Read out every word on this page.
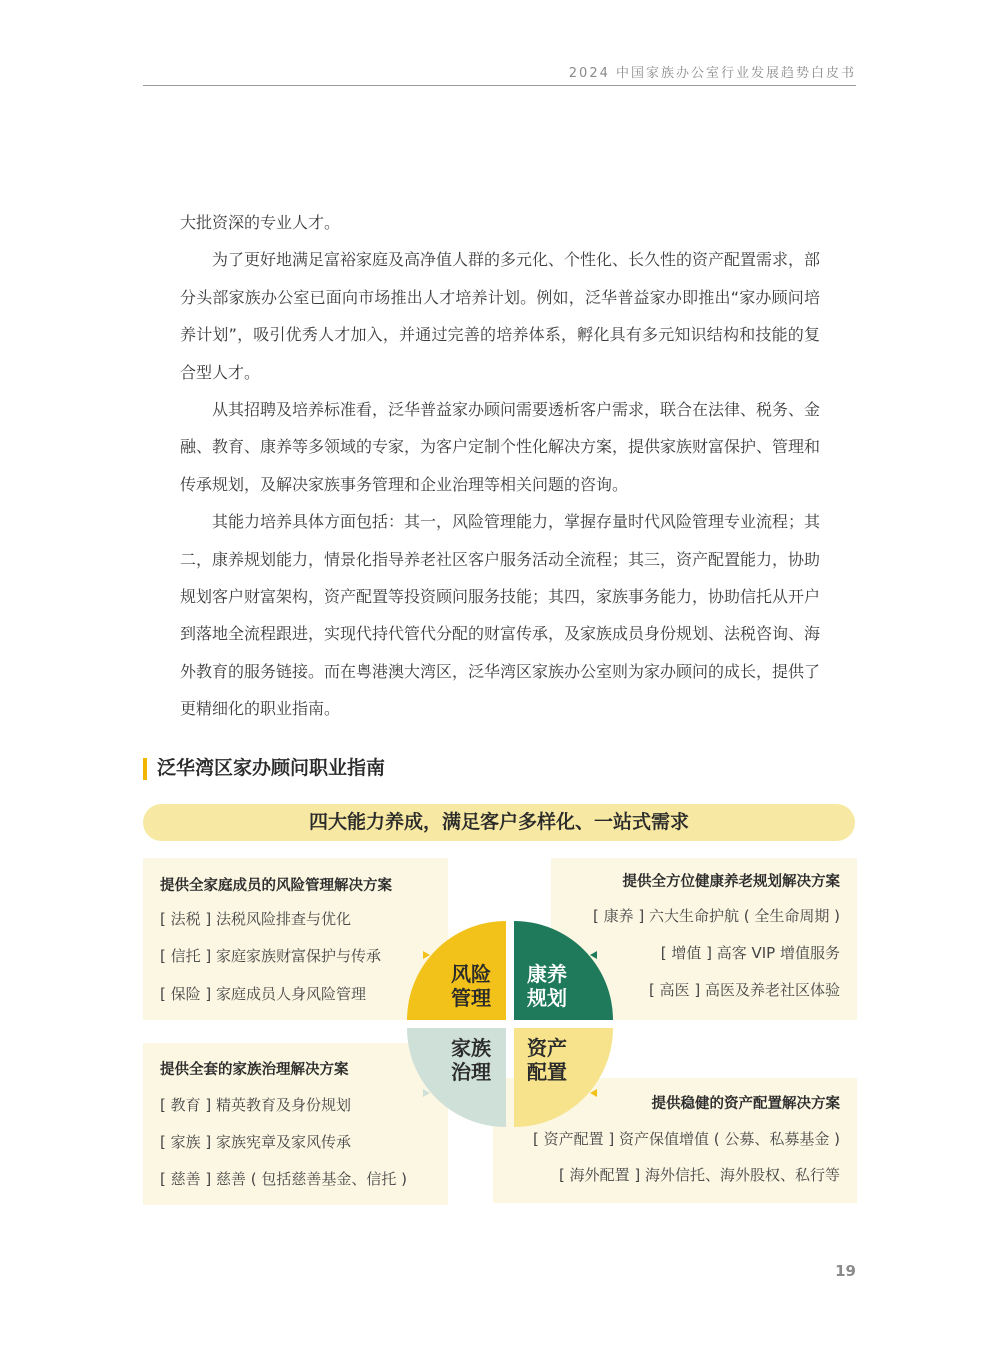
2024 中国家族办公室行业发展趋势白皮书

大批资深的专业人才。

为了更好地满足富裕家庭及高净值人群的多元化、个性化、长久性的资产配置需求，部分头部家族办公室已面向市场推出人才培养计划。例如，泛华普益家办即推出“家办顾问培养计划”，吸引优秀人才加入，并通过完善的培养体系，孵化具有多元知识结构和技能的复合型人才。

从其招聘及培养标准看，泛华普益家办顾问需要透析客户需求，联合在法律、税务、金融、教育、康养等多领域的专家，为客户定制个性化解决方案，提供家族财富保护、管理和传承规划，及解决家族事务管理和企业治理等相关问题的咨询。

其能力培养具体方面包括：其一，风险管理能力，掌握存量时代风险管理专业流程；其二，康养规划能力，情景化指导养老社区客户服务活动全流程；其三，资产配置能力，协助规划客户财富架构，资产配置等投资顾问服务技能；其四，家族事务能力，协助信托从开户到落地全流程跟进，实现代持代管代分配的财富传承，及家族成员身份规划、法税咨询、海外教育的服务链接。而在粤港澳大湾区，泛华湾区家族办公室则为家办顾问的成长，提供了更精细化的职业指南。

泛华湾区家办顾问职业指南
四大能力养成，满足客户多样化、一站式需求
提供全家庭成员的风险管理解决方案
[ 法税 ] 法税风险排查与优化
[ 信托 ] 家庭家族财富保护与传承
[ 保险 ] 家庭成员人身风险管理
提供全方位健康养老规划解决方案
[ 康养 ] 六大生命护航 ( 全生命周期 )
[ 增值 ] 高客 VIP 增值服务
[ 高医 ] 高医及养老社区体验
提供全套的家族治理解决方案
[ 教育 ] 精英教育及身份规划
[ 家族 ] 家族宪章及家风传承
[ 慈善 ] 慈善 ( 包括慈善基金、信托 )
提供稳健的资产配置解决方案
[ 资产配置 ] 资产保值增值 ( 公募、私募基金 )
[ 海外配置 ] 海外信托、海外股权、私行等
风险
管理
康养
规划
家族
治理
资产
配置
19
